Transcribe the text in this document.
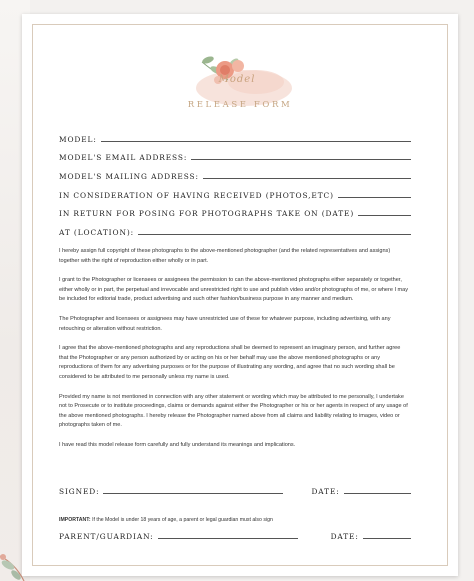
Model
RELEASE FORM
MODEL:
MODEL'S EMAIL ADDRESS:
MODEL'S MAILING ADDRESS:
IN CONSIDERATION OF HAVING RECEIVED (PHOTOS,ETC)
IN RETURN FOR POSING FOR PHOTOGRAPHS TAKE ON (DATE)
AT (LOCATION):

I hereby assign full copyright of these photographs to the above-mentioned photographer (and the related representatives and assigns) together with the right of reproduction either wholly or in part.

I grant to the Photographer or licensees or assignees the permission to can the above-mentioned photographs either separately or together, either wholly or in part, the perpetual and irrevocable and unrestricted right to use and publish video and/or photographs of me, or where I may be included for editorial trade, product advertising and such other fashion/business purpose in any manner and medium.

The Photographer and licensees or assignees may have unrestricted use of these for whatever purpose, including advertising, with any retouching or alteration without restriction.

I agree that the above-mentioned photographs and any reproductions shall be deemed to represent an imaginary person, and further agree that the Photographer or any person authorized by or acting on his or her behalf may use the above mentioned photographs or any reproductions of them for any advertising purposes or for the purpose of illustrating any wording, and agree that no such wording shall be considered to be attributed to me personally unless my name is used.

Provided my name is not mentioned in connection with any other statement or wording which may be attributed to me personally, I undertake not to Prosecute or to institute proceedings, claims or demands against either the Photographer or his or her agents in respect of any usage of the above mentioned photographs. I hereby release the Photographer named above from all claims and liability relating to images, video or photographs taken of me.

I have read this model release form carefully and fully understand its meanings and implications.

SIGNED:	DATE:
IMPORTANT: If the Model is under 18 years of age, a parent or legal guardian must also sign
PARENT/GUARDIAN:	DATE:
